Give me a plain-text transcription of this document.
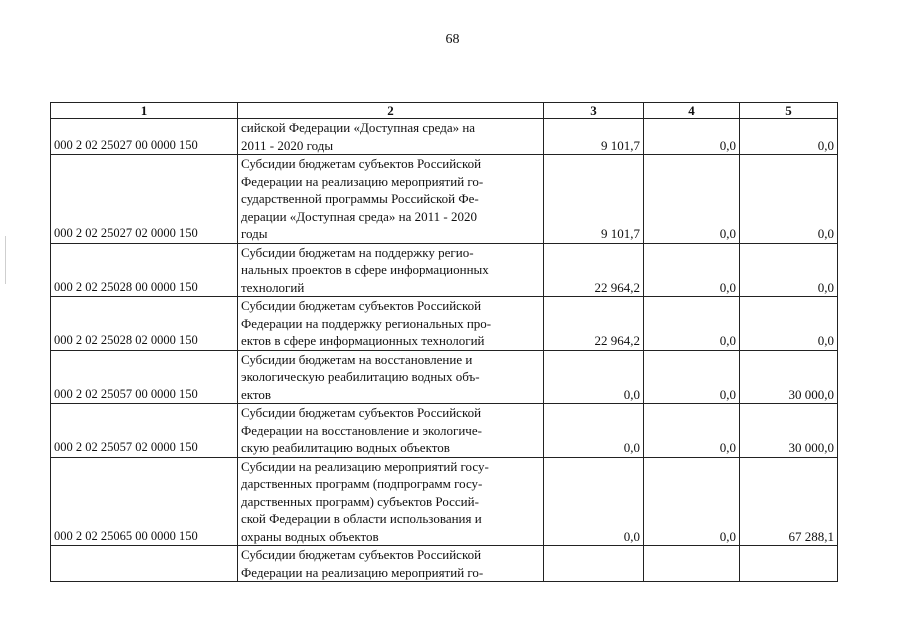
68
1	2	3	4	5
000 2 02 25027 00 0000 150	сийской Федерации «Доступная среда» на
2011 - 2020 годы	9 101,7	0,0	0,0
000 2 02 25027 02 0000 150	Субсидии бюджетам субъектов Российской
Федерации на реализацию мероприятий го-
сударственной программы Российской Фе-
дерации «Доступная среда» на 2011 - 2020
годы	9 101,7	0,0	0,0
000 2 02 25028 00 0000 150	Субсидии бюджетам на поддержку регио-
нальных проектов в сфере информационных
технологий	22 964,2	0,0	0,0
000 2 02 25028 02 0000 150	Субсидии бюджетам субъектов Российской
Федерации на поддержку региональных про-
ектов в сфере информационных технологий	22 964,2	0,0	0,0
000 2 02 25057 00 0000 150	Субсидии бюджетам на восстановление и
экологическую реабилитацию водных объ-
ектов	0,0	0,0	30 000,0
000 2 02 25057 02 0000 150	Субсидии бюджетам субъектов Российской
Федерации на восстановление и экологиче-
скую реабилитацию водных объектов	0,0	0,0	30 000,0
000 2 02 25065 00 0000 150	Субсидии на реализацию мероприятий госу-
дарственных программ (подпрограмм госу-
дарственных программ) субъектов Россий-
ской Федерации в области использования и
охраны водных объектов	0,0	0,0	67 288,1

	Субсидии бюджетам субъектов Российской
Федерации на реализацию мероприятий го-			
